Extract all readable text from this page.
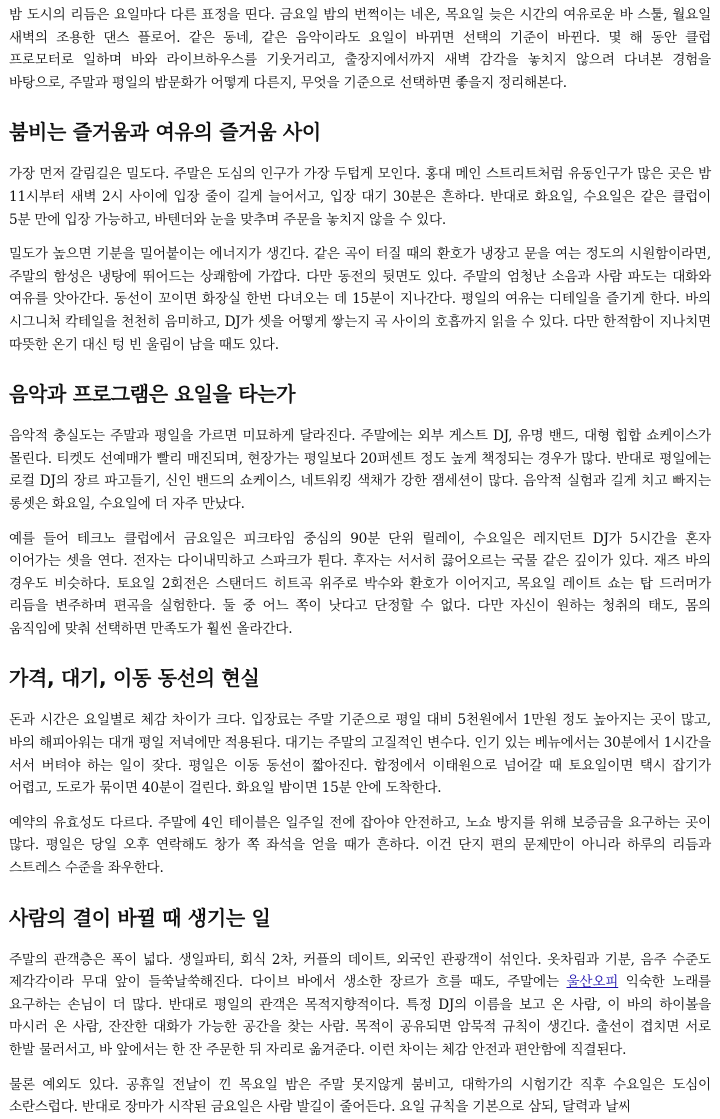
밤 도시의 리듬은 요일마다 다른 표정을 띤다. 금요일 밤의 번쩍이는 네온, 목요일 늦은 시간의 여유로운 바 스툴, 월요일 새벽의 조용한 댄스 플로어. 같은 동네, 같은 음악이라도 요일이 바뀌면 선택의 기준이 바뀐다. 몇 해 동안 클럽 프로모터로 일하며 바와 라이브하우스를 기웃거리고, 출장지에서까지 새벽 감각을 놓치지 않으려 다녀본 경험을 바탕으로, 주말과 평일의 밤문화가 어떻게 다른지, 무엇을 기준으로 선택하면 좋을지 정리해본다.

붐비는 즐거움과 여유의 즐거움 사이

가장 먼저 갈림길은 밀도다. 주말은 도심의 인구가 가장 두텁게 모인다. 홍대 메인 스트리트처럼 유동인구가 많은 곳은 밤 11시부터 새벽 2시 사이에 입장 줄이 길게 늘어서고, 입장 대기 30분은 흔하다. 반대로 화요일, 수요일은 같은 클럽이 5분 만에 입장 가능하고, 바텐더와 눈을 맞추며 주문을 놓치지 않을 수 있다.

밀도가 높으면 기분을 밀어붙이는 에너지가 생긴다. 같은 곡이 터질 때의 환호가 냉장고 문을 여는 정도의 시원함이라면, 주말의 함성은 냉탕에 뛰어드는 상쾌함에 가깝다. 다만 동전의 뒷면도 있다. 주말의 엄청난 소음과 사람 파도는 대화와 여유를 앗아간다. 동선이 꼬이면 화장실 한번 다녀오는 데 15분이 지나간다. 평일의 여유는 디테일을 즐기게 한다. 바의 시그니처 칵테일을 천천히 음미하고, DJ가 셋을 어떻게 쌓는지 곡 사이의 호흡까지 읽을 수 있다. 다만 한적함이 지나치면 따뜻한 온기 대신 텅 빈 울림이 남을 때도 있다.

음악과 프로그램은 요일을 타는가

음악적 충실도는 주말과 평일을 가르면 미묘하게 달라진다. 주말에는 외부 게스트 DJ, 유명 밴드, 대형 힙합 쇼케이스가 몰린다. 티켓도 선예매가 빨리 매진되며, 현장가는 평일보다 20퍼센트 정도 높게 책정되는 경우가 많다. 반대로 평일에는 로컬 DJ의 장르 파고들기, 신인 밴드의 쇼케이스, 네트워킹 색채가 강한 잼세션이 많다. 음악적 실험과 길게 치고 빠지는 롱셋은 화요일, 수요일에 더 자주 만났다.

예를 들어 테크노 클럽에서 금요일은 피크타임 중심의 90분 단위 릴레이, 수요일은 레지던트 DJ가 5시간을 혼자 이어가는 셋을 연다. 전자는 다이내믹하고 스파크가 튄다. 후자는 서서히 끓어오르는 국물 같은 깊이가 있다. 재즈 바의 경우도 비슷하다. 토요일 2회전은 스탠더드 히트곡 위주로 박수와 환호가 이어지고, 목요일 레이트 쇼는 탑 드러머가 리듬을 변주하며 편곡을 실험한다. 둘 중 어느 쪽이 낫다고 단정할 수 없다. 다만 자신이 원하는 청취의 태도, 몸의 움직임에 맞춰 선택하면 만족도가 훨씬 올라간다.

가격, 대기, 이동 동선의 현실

돈과 시간은 요일별로 체감 차이가 크다. 입장료는 주말 기준으로 평일 대비 5천원에서 1만원 정도 높아지는 곳이 많고, 바의 해피아워는 대개 평일 저녁에만 적용된다. 대기는 주말의 고질적인 변수다. 인기 있는 베뉴에서는 30분에서 1시간을 서서 버텨야 하는 일이 잦다. 평일은 이동 동선이 짧아진다. 합정에서 이태원으로 넘어갈 때 토요일이면 택시 잡기가 어렵고, 도로가 묶이면 40분이 걸린다. 화요일 밤이면 15분 안에 도착한다.

예약의 유효성도 다르다. 주말에 4인 테이블은 일주일 전에 잡아야 안전하고, 노쇼 방지를 위해 보증금을 요구하는 곳이 많다. 평일은 당일 오후 연락해도 창가 쪽 좌석을 얻을 때가 흔하다. 이건 단지 편의 문제만이 아니라 하루의 리듬과 스트레스 수준을 좌우한다.

사람의 결이 바뀔 때 생기는 일

주말의 관객층은 폭이 넓다. 생일파티, 회식 2차, 커플의 데이트, 외국인 관광객이 섞인다. 옷차림과 기분, 음주 수준도 제각각이라 무대 앞이 들쑥날쑥해진다. 다이브 바에서 생소한 장르가 흐를 때도, 주말에는 울산오피 익숙한 노래를 요구하는 손님이 더 많다. 반대로 평일의 관객은 목적지향적이다. 특정 DJ의 이름을 보고 온 사람, 이 바의 하이볼을 마시러 온 사람, 잔잔한 대화가 가능한 공간을 찾는 사람. 목적이 공유되면 암묵적 규칙이 생긴다. 출선이 겹치면 서로 한발 물러서고, 바 앞에서는 한 잔 주문한 뒤 자리로 옮겨준다. 이런 차이는 체감 안전과 편안함에 직결된다.

물론 예외도 있다. 공휴일 전날이 낀 목요일 밤은 주말 못지않게 붐비고, 대학가의 시험기간 직후 수요일은 도심이 소란스럽다. 반대로 장마가 시작된 금요일은 사람 발길이 줄어든다. 요일 규칙을 기본으로 삼되, 달력과 날씨
